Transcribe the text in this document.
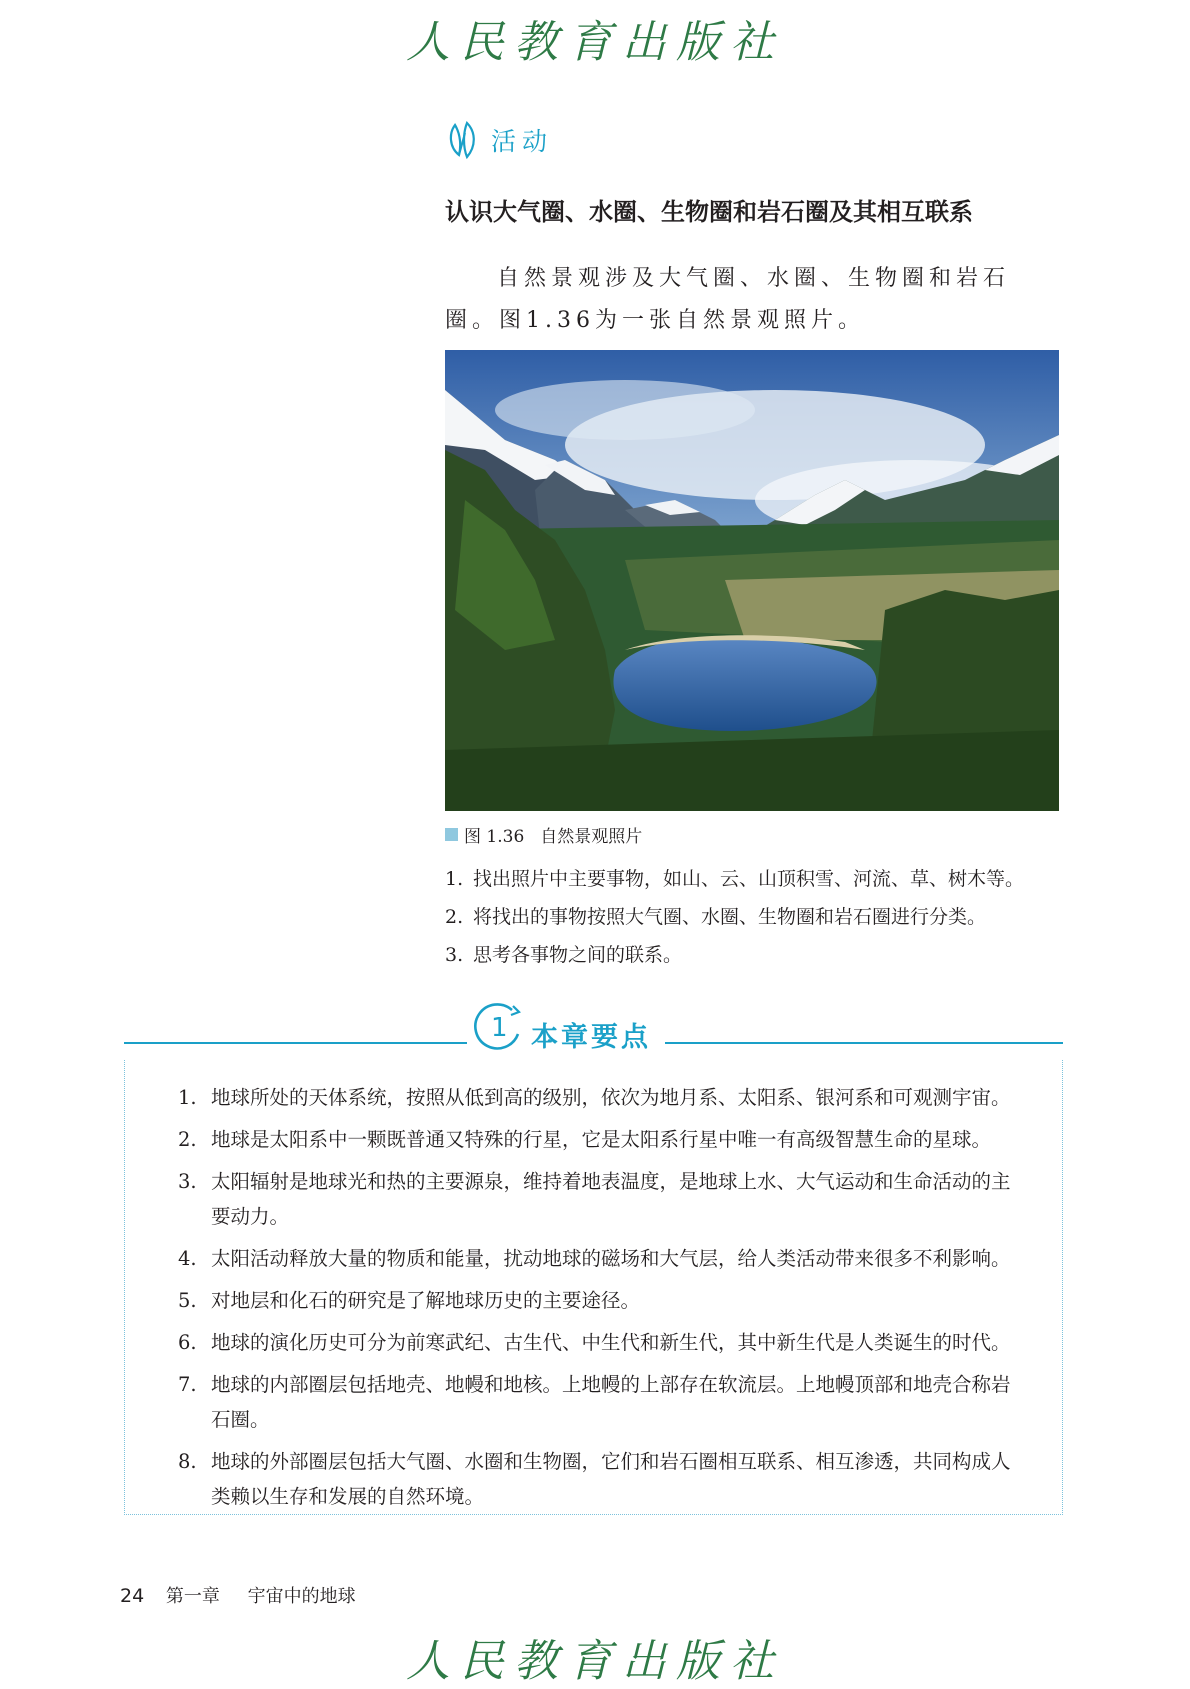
人民教育出版社
活动
认识大气圈、水圈、生物圈和岩石圈及其相互联系
自然景观涉及大气圈、水圈、生物圈和岩石圈。图1.36为一张自然景观照片。
图 1.36 自然景观照片
1. 找出照片中主要事物，如山、云、山顶积雪、河流、草、树木等。
2. 将找出的事物按照大气圈、水圈、生物圈和岩石圈进行分类。
3. 思考各事物之间的联系。
1 本章要点
1. 地球所处的天体系统，按照从低到高的级别，依次为地月系、太阳系、银河系和可观测宇宙。
2. 地球是太阳系中一颗既普通又特殊的行星，它是太阳系行星中唯一有高级智慧生命的星球。
3. 太阳辐射是地球光和热的主要源泉，维持着地表温度，是地球上水、大气运动和生命活动的主要动力。
4. 太阳活动释放大量的物质和能量，扰动地球的磁场和大气层，给人类活动带来很多不利影响。
5. 对地层和化石的研究是了解地球历史的主要途径。
6. 地球的演化历史可分为前寒武纪、古生代、中生代和新生代，其中新生代是人类诞生的时代。
7. 地球的内部圈层包括地壳、地幔和地核。上地幔的上部存在软流层。上地幔顶部和地壳合称岩石圈。
8. 地球的外部圈层包括大气圈、水圈和生物圈，它们和岩石圈相互联系、相互渗透，共同构成人类赖以生存和发展的自然环境。
24 第一章 宇宙中的地球
人民教育出版社
